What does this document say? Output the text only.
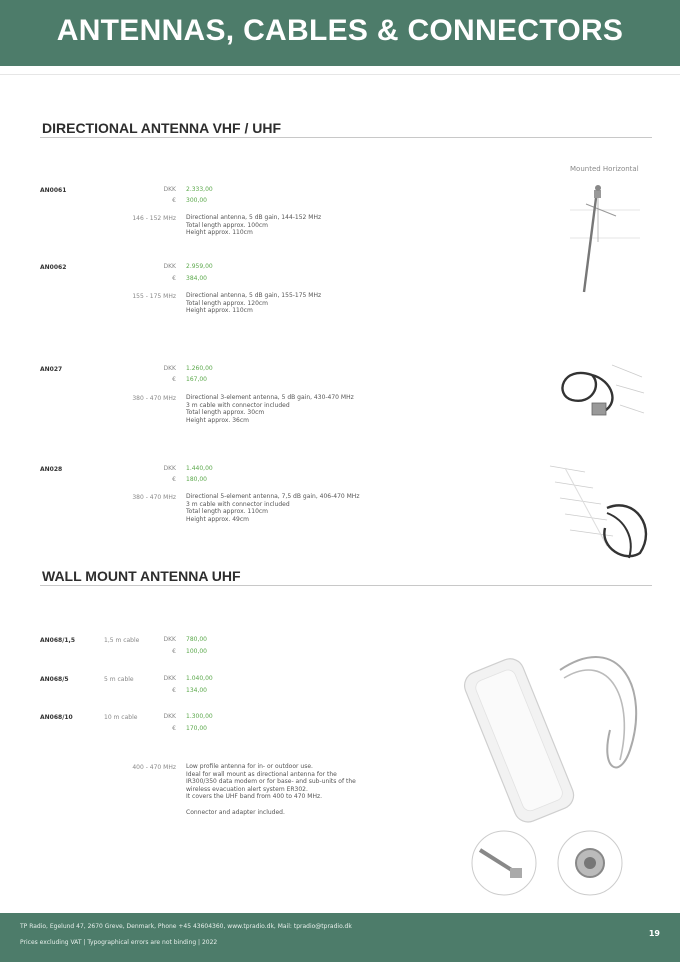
ANTENNAS, CABLES & CONNECTORS
DIRECTIONAL ANTENNA VHF / UHF
Mounted Horizontal
AN0061	DKK 2.333,00
€ 300,00
146 - 152 MHz Directional antenna, 5 dB gain, 144-152 MHz
Total length approx. 100cm
Height approx. 110cm
AN0062	DKK 2.959,00
€ 384,00
155 - 175 MHz Directional antenna, 5 dB gain, 155-175 MHz
Total length approx. 120cm
Height approx. 110cm
AN027	DKK 1.260,00
€ 167,00
380 - 470 MHz Directional 3-element antenna, 5 dB gain, 430-470 MHz
3 m cable with connector included
Total length approx. 30cm
Height approx. 36cm
AN028	DKK 1.440,00
€ 180,00
380 - 470 MHz Directional 5-element antenna, 7,5 dB gain, 406-470 MHz
3 m cable with connector included
Total length approx. 110cm
Height approx. 49cm
WALL MOUNT ANTENNA UHF
AN068/1,5	1,5 m cable	DKK 780,00
€ 100,00
AN068/5	5 m cable	DKK 1.040,00
€ 134,00
AN068/10	10 m cable	DKK 1.300,00
€ 170,00
400 - 470 MHz Low profile antenna for in- or outdoor use.
Ideal for wall mount as directional antenna for the
IR300/350 data modem or for base- and sub-units of the
wireless evacuation alert system ER302.
It covers the UHF band from 400 to 470 MHz.
Connector and adapter included.
TP Radio, Egelund 47, 2670 Greve, Denmark, Phone +45 43604360, www.tpradio.dk, Mail: tpradio@tpradio.dk
Prices excluding VAT | Typographical errors are not binding | 2022
19
